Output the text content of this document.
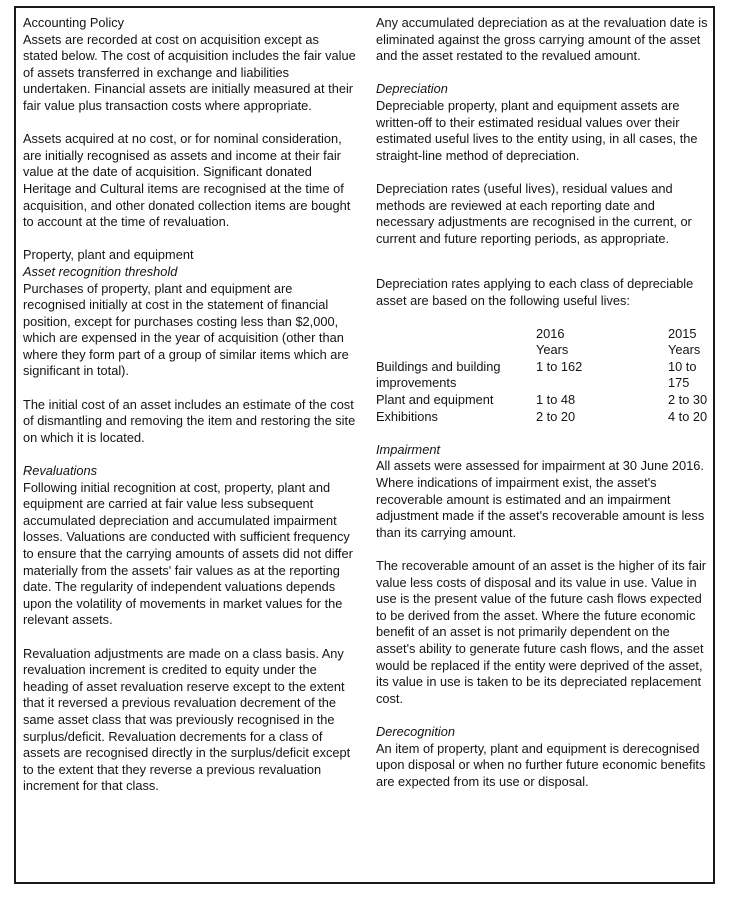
Accounting Policy

Assets are recorded at cost on acquisition except as stated below. The cost of acquisition includes the fair value of assets transferred in exchange and liabilities undertaken. Financial assets are initially measured at their fair value plus transaction costs where appropriate.

Assets acquired at no cost, or for nominal consideration, are initially recognised as assets and income at their fair value at the date of acquisition. Significant donated Heritage and Cultural items are recognised at the time of acquisition, and other donated collection items are bought to account at the time of revaluation.

Property, plant and equipment

Asset recognition threshold

Purchases of property, plant and equipment are recognised initially at cost in the statement of financial position, except for purchases costing less than $2,000, which are expensed in the year of acquisition (other than where they form part of a group of similar items which are significant in total).

The initial cost of an asset includes an estimate of the cost of dismantling and removing the item and restoring the site on which it is located.

Revaluations

Following initial recognition at cost, property, plant and equipment are carried at fair value less subsequent accumulated depreciation and accumulated impairment losses. Valuations are conducted with sufficient frequency to ensure that the carrying amounts of assets did not differ materially from the assets' fair values as at the reporting date. The regularity of independent valuations depends upon the volatility of movements in market values for the relevant assets.

Revaluation adjustments are made on a class basis. Any revaluation increment is credited to equity under the heading of asset revaluation reserve except to the extent that it reversed a previous revaluation decrement of the same asset class that was previously recognised in the surplus/deficit. Revaluation decrements for a class of assets are recognised directly in the surplus/deficit except to the extent that they reverse a previous revaluation increment for that class.

Any accumulated depreciation as at the revaluation date is eliminated against the gross carrying amount of the asset and the asset restated to the revalued amount.

Depreciation

Depreciable property, plant and equipment assets are written-off to their estimated residual values over their estimated useful lives to the entity using, in all cases, the straight-line method of depreciation.

Depreciation rates (useful lives), residual values and methods are reviewed at each reporting date and necessary adjustments are recognised in the current, or current and future reporting periods, as appropriate.

Depreciation rates applying to each class of depreciable asset are based on the following useful lives:

	2016	2015
	Years	Years
Buildings and building improvements	1 to 162	10 to 175
Plant and equipment	1 to 48	2 to 30
Exhibitions	2 to 20	4 to 20

Impairment

All assets were assessed for impairment at 30 June 2016. Where indications of impairment exist, the asset's recoverable amount is estimated and an impairment adjustment made if the asset's recoverable amount is less than its carrying amount.

The recoverable amount of an asset is the higher of its fair value less costs of disposal and its value in use. Value in use is the present value of the future cash flows expected to be derived from the asset. Where the future economic benefit of an asset is not primarily dependent on the asset's ability to generate future cash flows, and the asset would be replaced if the entity were deprived of the asset, its value in use is taken to be its depreciated replacement cost.

Derecognition

An item of property, plant and equipment is derecognised upon disposal or when no further future economic benefits are expected from its use or disposal.
